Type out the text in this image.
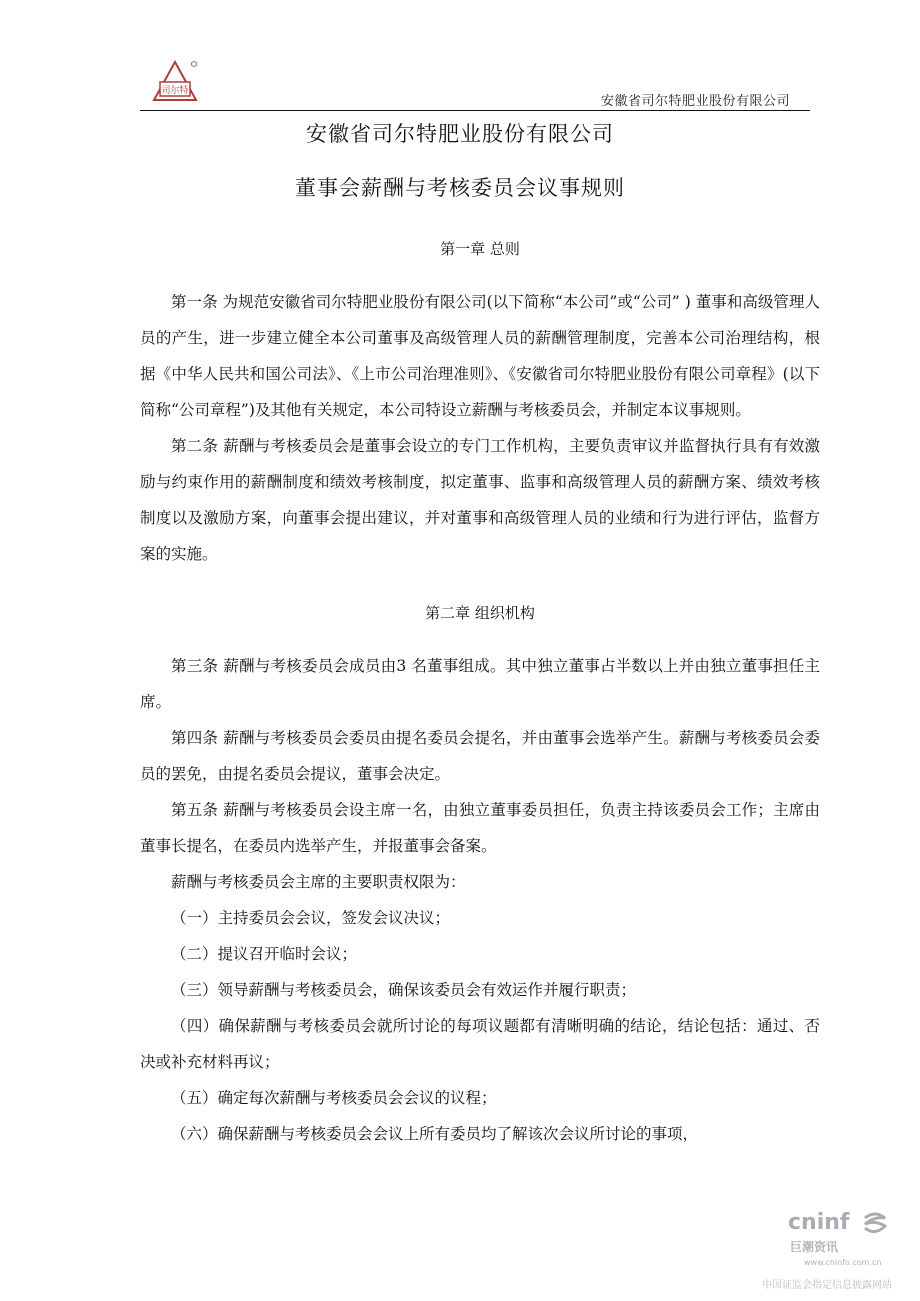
司尔特
安徽省司尔特肥业股份有限公司
安徽省司尔特肥业股份有限公司
董事会薪酬与考核委员会议事规则
第一章 总则

第一条 为规范安徽省司尔特肥业股份有限公司(以下简称“本公司”或“公司” ) 董事和高级管理人员的产生，进一步建立健全本公司董事及高级管理人员的薪酬管理制度，完善本公司治理结构，根据《中华人民共和国公司法》、《上市公司治理准则》、《安徽省司尔特肥业股份有限公司章程》(以下简称“公司章程”)及其他有关规定，本公司特设立薪酬与考核委员会，并制定本议事规则。

第二条 薪酬与考核委员会是董事会设立的专门工作机构，主要负责审议并监督执行具有有效激励与约束作用的薪酬制度和绩效考核制度，拟定董事、监事和高级管理人员的薪酬方案、绩效考核制度以及激励方案，向董事会提出建议，并对董事和高级管理人员的业绩和行为进行评估，监督方案的实施。

第二章 组织机构

第三条 薪酬与考核委员会成员由3 名董事组成。其中独立董事占半数以上并由独立董事担任主席。

第四条 薪酬与考核委员会委员由提名委员会提名，并由董事会选举产生。薪酬与考核委员会委员的罢免，由提名委员会提议，董事会决定。

第五条 薪酬与考核委员会设主席一名，由独立董事委员担任，负责主持该委员会工作；主席由董事长提名，在委员内选举产生，并报董事会备案。

薪酬与考核委员会主席的主要职责权限为：

（一）主持委员会会议，签发会议决议；

（二）提议召开临时会议；

（三）领导薪酬与考核委员会，确保该委员会有效运作并履行职责；

（四）确保薪酬与考核委员会就所讨论的每项议题都有清晰明确的结论，结论包括：通过、否决或补充材料再议；

（五）确定每次薪酬与考核委员会会议的议程；

（六）确保薪酬与考核委员会会议上所有委员均了解该次会议所讨论的事项，

cninf
巨潮资讯
www.cninfo.com.cn
中国证监会指定信息披露网站
